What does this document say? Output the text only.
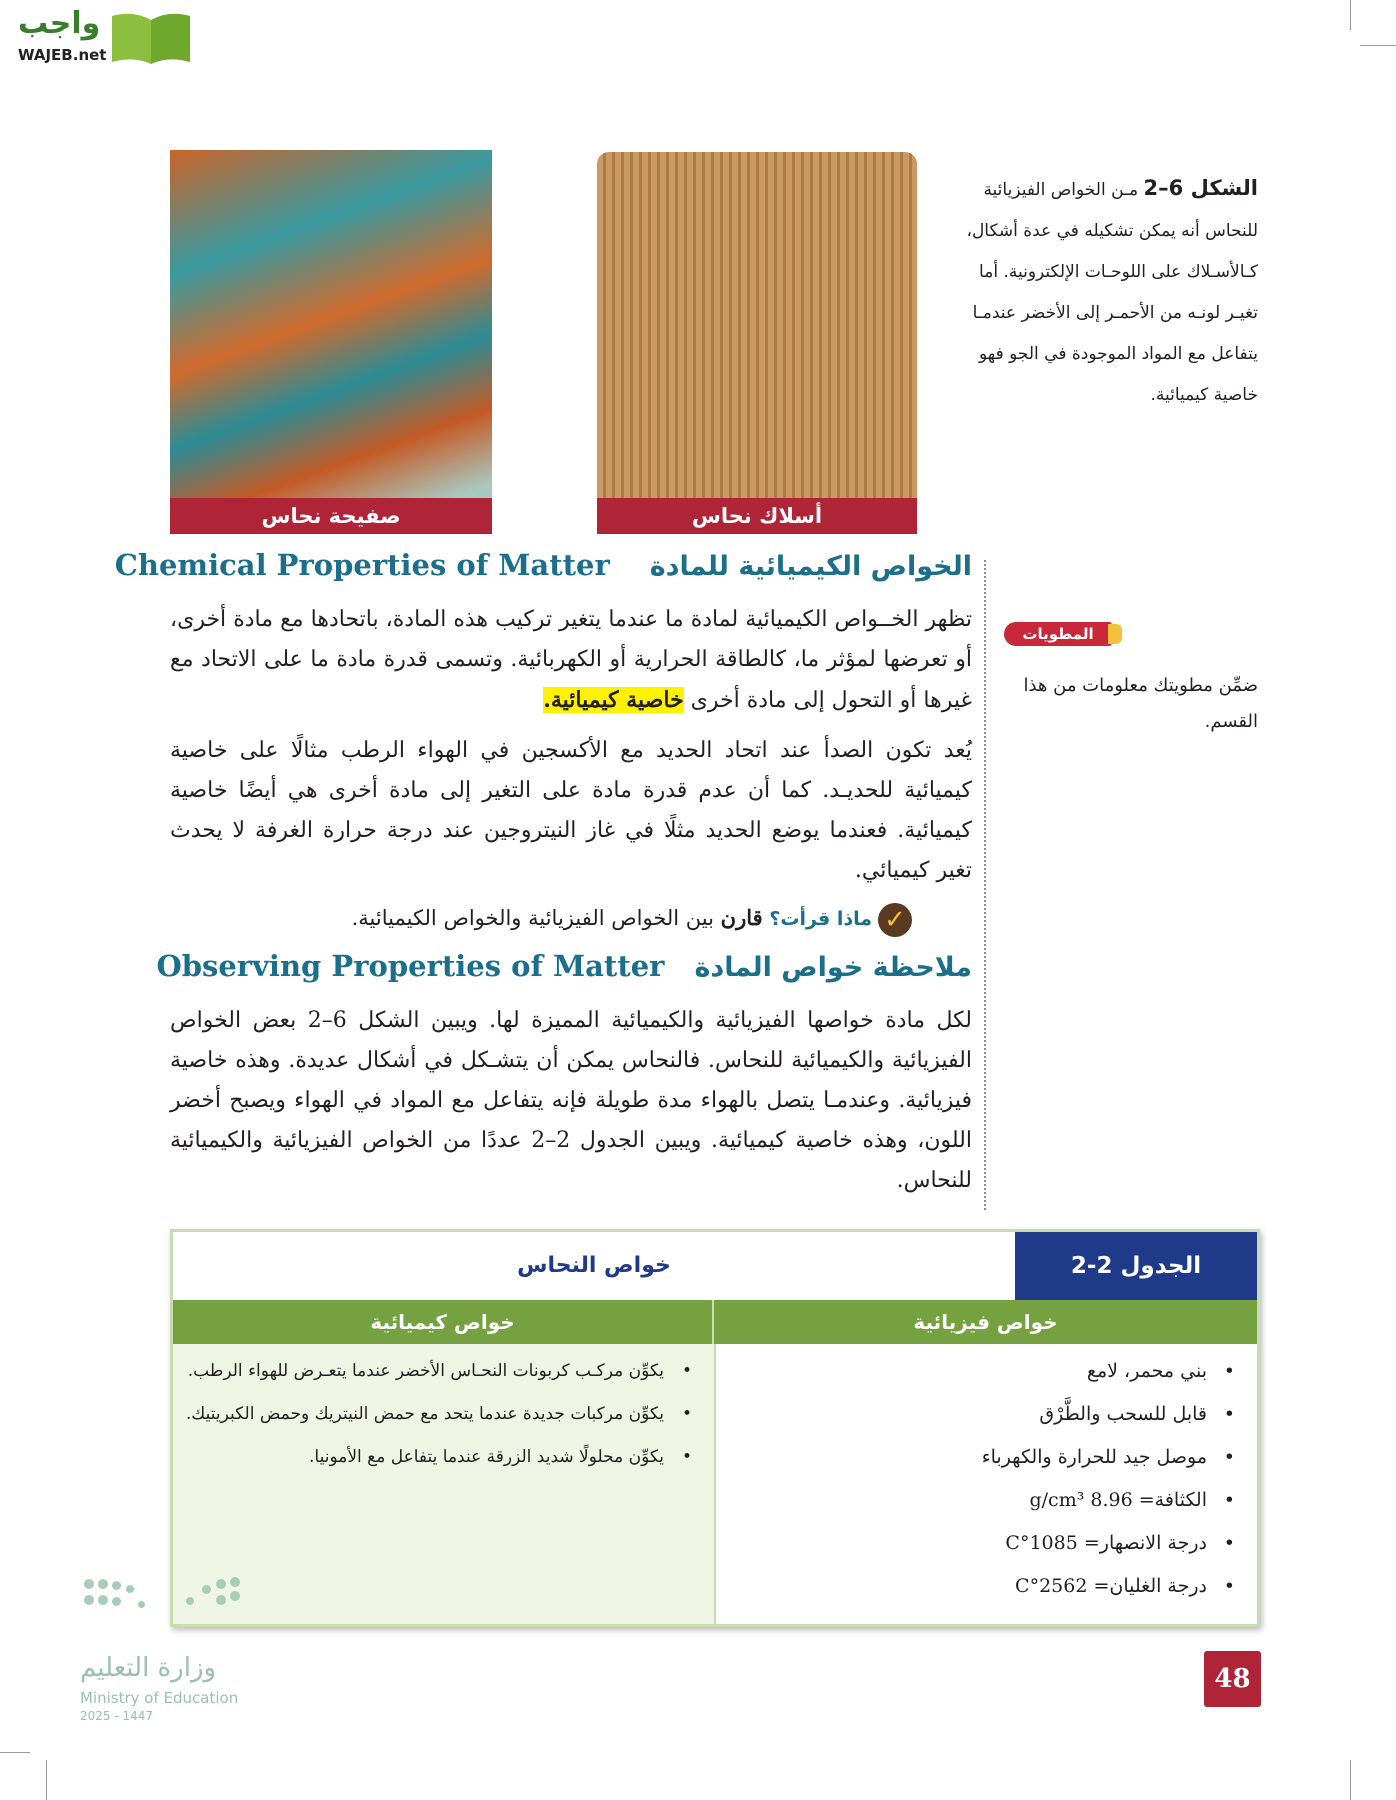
واجب
WAJEB.net
صفيحة نحاس	أسلاك نحاس
الشكل 6–2 مـن الخواص الفيزيائية للنحاس أنه يمكن تشكيله في عدة أشكال، كـالأسـلاك على اللوحـات الإلكترونية. أما تغيـر لونـه من الأحمـر إلى الأخضر عندمـا يتفاعل مع المواد الموجودة في الجو فهو خاصية كيميائية.
المطويات
ضمِّن مطويتك معلومات من هذا القسم.
الخواص الكيميائية للمادةChemical Properties of Matter

تظهر الخــواص الكيميائية لمادة ما عندما يتغير تركيب هذه المادة، باتحادها مع مادة أخرى، أو تعرضها لمؤثر ما، كالطاقة الحرارية أو الكهربائية. وتسمى قدرة مادة ما على الاتحاد مع غيرها أو التحول إلى مادة أخرى خاصية كيميائية.

يُعد تكون الصدأ عند اتحاد الحديد مع الأكسجين في الهواء الرطب مثالًا على خاصية كيميائية للحديـد. كما أن عدم قدرة مادة على التغير إلى مادة أخرى هي أيضًا خاصية كيميائية. فعندما يوضع الحديد مثلًا في غاز النيتروجين عند درجة حرارة الغرفة لا يحدث تغير كيميائي.

✓ماذا قرأت؟ قارن بين الخواص الفيزيائية والخواص الكيميائية.
ملاحظة خواص المادةObserving Properties of Matter

لكل مادة خواصها الفيزيائية والكيميائية المميزة لها. ويبين الشكل 6–2 بعض الخواص الفيزيائية والكيميائية للنحاس. فالنحاس يمكن أن يتشـكل في أشكال عديدة. وهذه خاصية فيزيائية. وعندمـا يتصل بالهواء مدة طويلة فإنه يتفاعل مع المواد في الهواء ويصبح أخضر اللون، وهذه خاصية كيميائية. ويبين الجدول 2–2 عددًا من الخواص الفيزيائية والكيميائية للنحاس.

خواص النحاس	الجدول 2-2
خواص فيزيائية
خواص كيميائية
• بني محمر، لامع
• قابل للسحب والطَّرْق
• موصل جيد للحرارة والكهرباء
• الكثافة= 8.96 g/cm³
• درجة الانصهار= 1085°C
• درجة الغليان= 2562°C
• يكوِّن مركـب كربونات النحـاس الأخضر عندما يتعـرض للهواء الرطب.
• يكوِّن مركبات جديدة عندما يتحد مع حمض النيتريك وحمض الكبريتيك.
• يكوِّن محلولًا شديد الزرقة عندما يتفاعل مع الأمونيا.
وزارة التعليم
Ministry of Education
2025 - 1447
48
